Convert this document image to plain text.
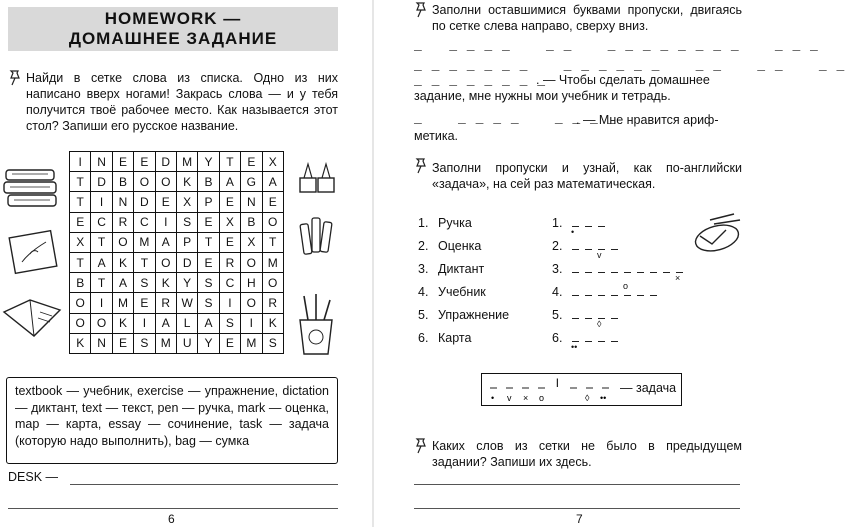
HOMEWORK —
ДОМАШНЕЕ ЗАДАНИЕ
Найди в сетке слова из списка. Одно из них написано вверх ногами! Закрась слова — и у тебя получится твоё рабочее место. Как называется этот стол? Запиши его русское название.
I	N	E	E	D	M	Y	T	E	X
T	D	B	O	O	K	B	A	G	A
T	I	N	D	E	X	P	E	N	E
E	C	R	C	I	S	E	X	B	O
X	T	O	M	A	P	T	E	X	T
T	A	K	T	O	D	E	R	O	M
B	T	A	S	K	Y	S	C	H	O
O	I	M	E	R	W	S	I	O	R
O	O	K	I	A	L	A	S	I	K
K	N	E	S	M	U	Y	E	M	S
textbook — учебник, exercise — упражнение, dictation — диктант, text — текст, pen — ручка, mark — оценка, map — карта, essay — сочинение, task — задача (которую надо выполнить), bag — сумка
DESK —
6
Заполни оставшимися буквами пропуски, двигаясь по сетке слева направо, сверху вниз.
_   _ _ _ _    _ _    _ _ _ _ _ _ _ _    _ _ _
_ _ _ _ _ _ _    _ _ _ _ _ _    _ _    _ _    _ _
_ _ _ _ _ _ _ _
. — Чтобы сделать домашнее
задание, мне нужны мои учебник и тетрадь.
_    _ _ _ _    _ _ _ _
. — Мне нравится ариф-
метика.
Заполни пропуски и узнай, как по-английски «задача», на сей раз математическая.
1. Ручка
2. Оценка
3. Диктант
4. Учебник
5. Упражнение
6. Карта
1.
•
2.
v
3.
×
4.	o
5.
◊
6.
••
l
• v × o	◊ ••
— задача
Каких слов из сетки не было в предыдущем задании? Запиши их здесь.
7
